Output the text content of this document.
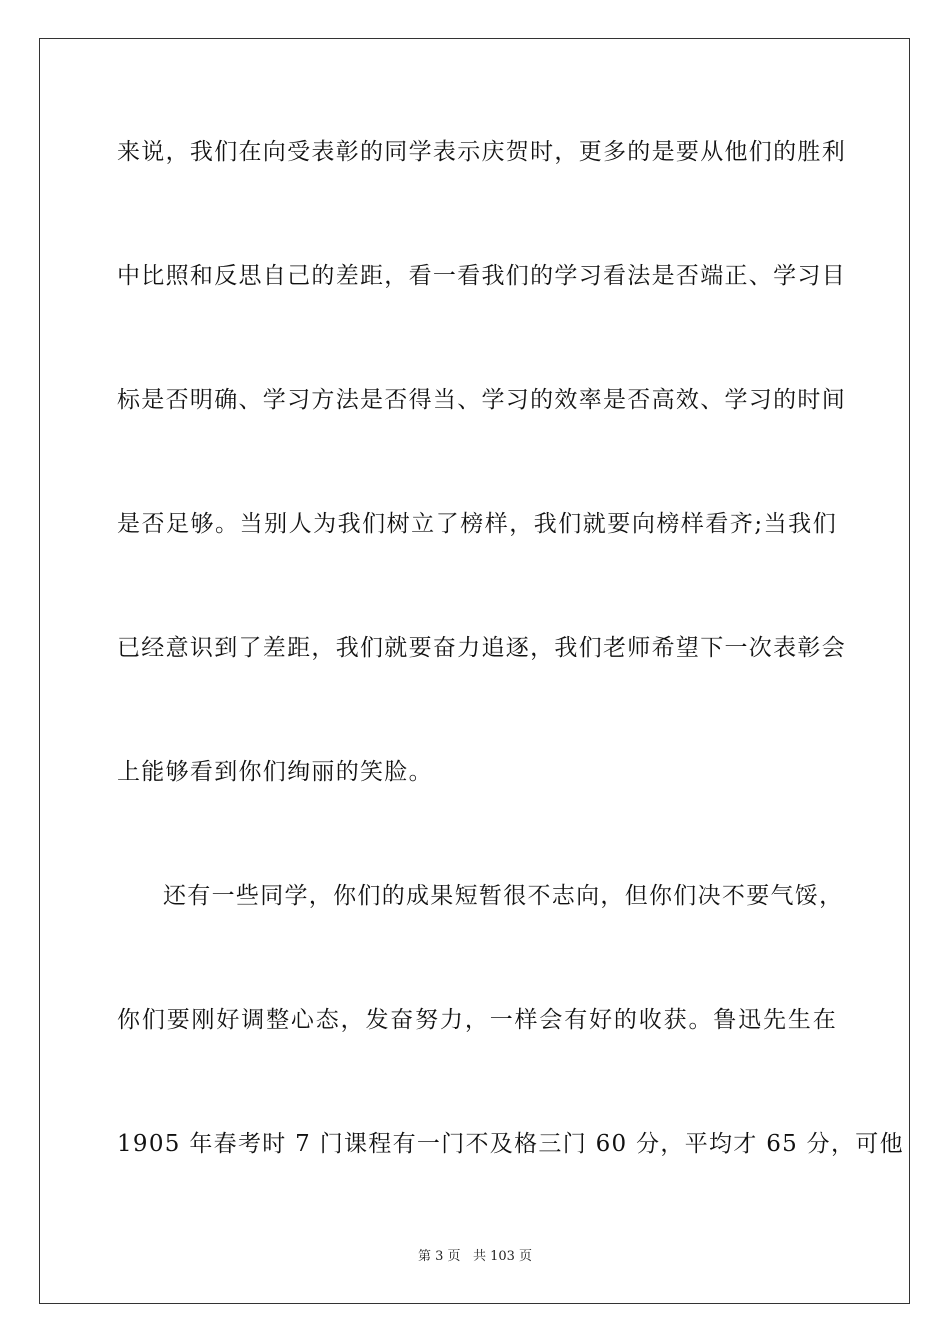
来说，我们在向受表彰的同学表示庆贺时，更多的是要从他们的胜利
中比照和反思自己的差距，看一看我们的学习看法是否端正、学习目
标是否明确、学习方法是否得当、学习的效率是否高效、学习的时间
是否足够。当别人为我们树立了榜样，我们就要向榜样看齐;当我们
已经意识到了差距，我们就要奋力追逐，我们老师希望下一次表彰会
上能够看到你们绚丽的笑脸。
还有一些同学，你们的成果短暂很不志向，但你们决不要气馁，
你们要刚好调整心态，发奋努力，一样会有好的收获。鲁迅先生在
1905 年春考时 7 门课程有一门不及格三门 60 分，平均才 65 分，可他
第 3 页 共 103 页
